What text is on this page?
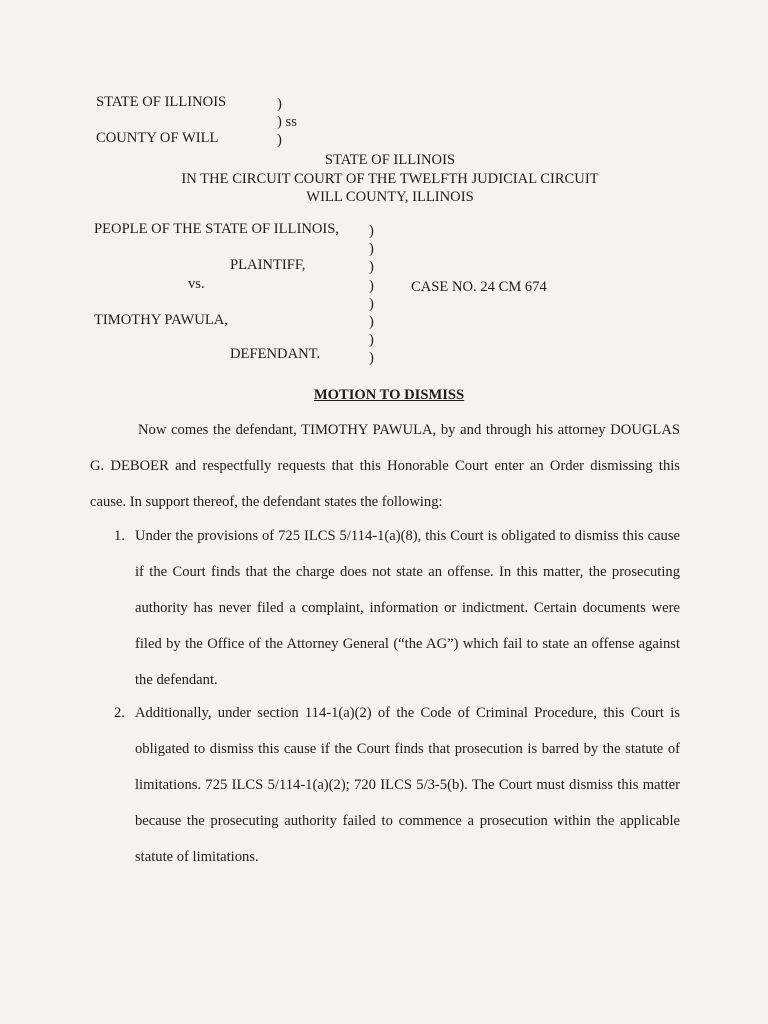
STATE OF ILLINOIS	)
) ss
COUNTY OF WILL	)
STATE OF ILLINOIS
IN THE CIRCUIT COURT OF THE TWELFTH JUDICIAL CIRCUIT
WILL COUNTY, ILLINOIS
PEOPLE OF THE STATE OF ILLINOIS,
PLAINTIFF,
vs.
TIMOTHY PAWULA,
DEFENDANT.
CASE NO. 24 CM 674
)
)
)
)
)
)
)
)
MOTION TO DISMISS
Now comes the defendant, TIMOTHY PAWULA, by and through his attorney DOUGLAS G. DEBOER and respectfully requests that this Honorable Court enter an Order dismissing this cause. In support thereof, the defendant states the following:
1. Under the provisions of 725 ILCS 5/114-1(a)(8), this Court is obligated to dismiss this cause if the Court finds that the charge does not state an offense. In this matter, the prosecuting authority has never filed a complaint, information or indictment. Certain documents were filed by the Office of the Attorney General (“the AG”) which fail to state an offense against the defendant.
2. Additionally, under section 114-1(a)(2) of the Code of Criminal Procedure, this Court is obligated to dismiss this cause if the Court finds that prosecution is barred by the statute of limitations. 725 ILCS 5/114-1(a)(2); 720 ILCS 5/3-5(b). The Court must dismiss this matter because the prosecuting authority failed to commence a prosecution within the applicable statute of limitations.
